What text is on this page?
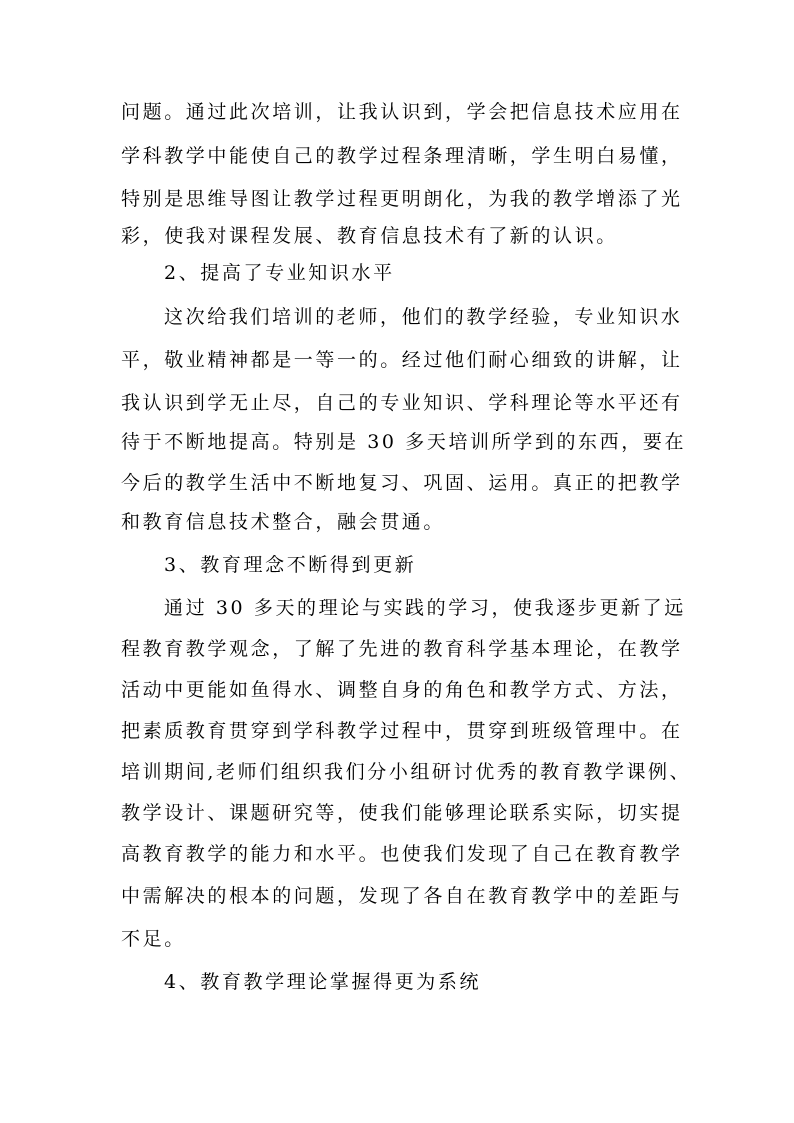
问题。通过此次培训，让我认识到，学会把信息技术应用在
学科教学中能使自己的教学过程条理清晰，学生明白易懂，
特别是思维导图让教学过程更明朗化，为我的教学增添了光
彩，使我对课程发展、教育信息技术有了新的认识。
2、提高了专业知识水平
这次给我们培训的老师，他们的教学经验，专业知识水
平，敬业精神都是一等一的。经过他们耐心细致的讲解，让
我认识到学无止尽，自己的专业知识、学科理论等水平还有
待于不断地提高。特别是 30 多天培训所学到的东西，要在
今后的教学生活中不断地复习、巩固、运用。真正的把教学
和教育信息技术整合，融会贯通。
3、教育理念不断得到更新
通过 30 多天的理论与实践的学习，使我逐步更新了远
程教育教学观念，了解了先进的教育科学基本理论，在教学
活动中更能如鱼得水、调整自身的角色和教学方式、方法，
把素质教育贯穿到学科教学过程中，贯穿到班级管理中。在
培训期间,老师们组织我们分小组研讨优秀的教育教学课例、
教学设计、课题研究等，使我们能够理论联系实际，切实提
高教育教学的能力和水平。也使我们发现了自己在教育教学
中需解决的根本的问题，发现了各自在教育教学中的差距与
不足。
4、教育教学理论掌握得更为系统
